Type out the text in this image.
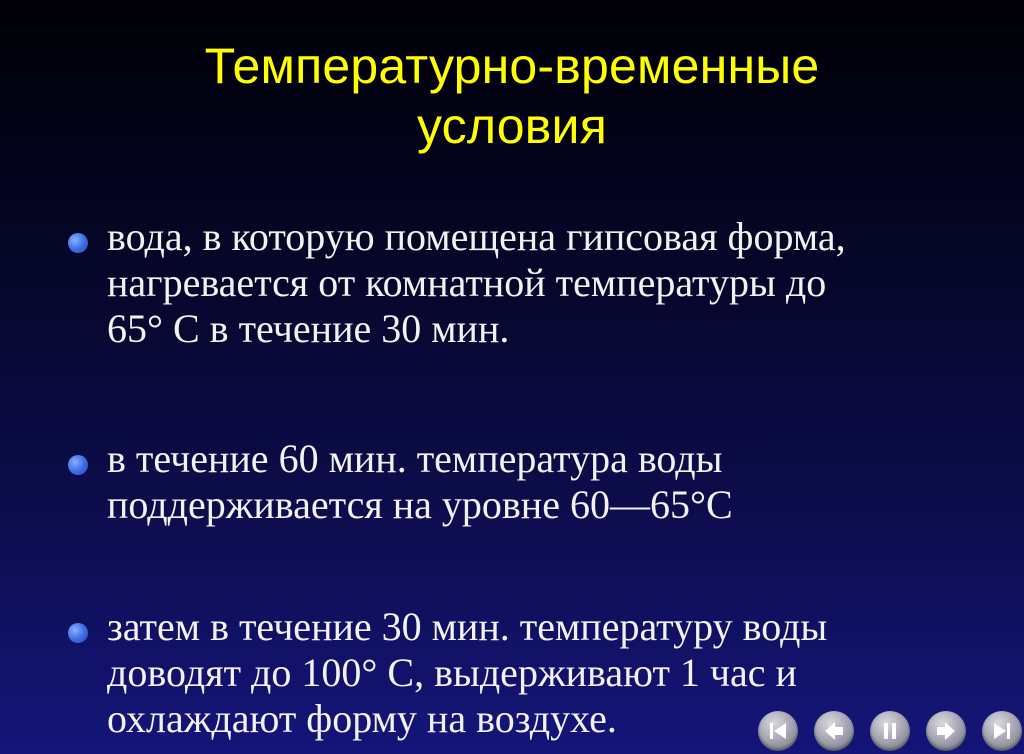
Температурно-временные
условия
вода, в которую помещена гипсовая форма,
нагревается от комнатной температуры до
65° С в течение 30 мин.
в течение 60 мин. температура воды
поддерживается на уровне 60—65°С
затем в течение 30 мин. температуру воды
доводят до 100° С, выдерживают 1 час и
охлаждают форму на воздухе.
